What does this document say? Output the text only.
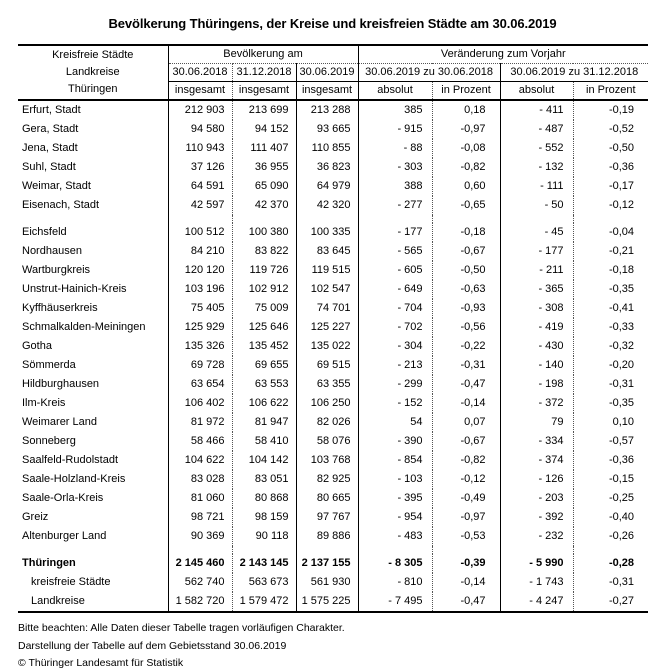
Bevölkerung Thüringens, der Kreise und kreisfreien Städte am 30.06.2019
Kreisfreie Städte
Landkreise
Thüringen	Bevölkerung am			Veränderung zum Vorjahr			
	30.06.2018	31.12.2018	30.06.2019	30.06.2019 zu 30.06.2018		30.06.2019 zu 31.12.2018	
	insgesamt	insgesamt	insgesamt	absolut	in Prozent	absolut	in Prozent
Erfurt, Stadt	212 903	213 699	213 288	385	0,18	- 411	-0,19
Gera, Stadt	94 580	94 152	93 665	- 915	-0,97	- 487	-0,52
Jena, Stadt	110 943	111 407	110 855	- 88	-0,08	- 552	-0,50
Suhl, Stadt	37 126	36 955	36 823	- 303	-0,82	- 132	-0,36
Weimar, Stadt	64 591	65 090	64 979	388	0,60	- 111	-0,17
Eisenach, Stadt	42 597	42 370	42 320	- 277	-0,65	- 50	-0,12

Eichsfeld	100 512	100 380	100 335	- 177	-0,18	- 45	-0,04
Nordhausen	84 210	83 822	83 645	- 565	-0,67	- 177	-0,21
Wartburgkreis	120 120	119 726	119 515	- 605	-0,50	- 211	-0,18
Unstrut-Hainich-Kreis	103 196	102 912	102 547	- 649	-0,63	- 365	-0,35
Kyffhäuserkreis	75 405	75 009	74 701	- 704	-0,93	- 308	-0,41
Schmalkalden-Meiningen	125 929	125 646	125 227	- 702	-0,56	- 419	-0,33
Gotha	135 326	135 452	135 022	- 304	-0,22	- 430	-0,32
Sömmerda	69 728	69 655	69 515	- 213	-0,31	- 140	-0,20
Hildburghausen	63 654	63 553	63 355	- 299	-0,47	- 198	-0,31
Ilm-Kreis	106 402	106 622	106 250	- 152	-0,14	- 372	-0,35
Weimarer Land	81 972	81 947	82 026	54	0,07	79	0,10
Sonneberg	58 466	58 410	58 076	- 390	-0,67	- 334	-0,57
Saalfeld-Rudolstadt	104 622	104 142	103 768	- 854	-0,82	- 374	-0,36
Saale-Holzland-Kreis	83 028	83 051	82 925	- 103	-0,12	- 126	-0,15
Saale-Orla-Kreis	81 060	80 868	80 665	- 395	-0,49	- 203	-0,25
Greiz	98 721	98 159	97 767	- 954	-0,97	- 392	-0,40
Altenburger Land	90 369	90 118	89 886	- 483	-0,53	- 232	-0,26

Thüringen	2 145 460	2 143 145	2 137 155	- 8 305	-0,39	- 5 990	-0,28
kreisfreie Städte	562 740	563 673	561 930	- 810	-0,14	- 1 743	-0,31
Landkreise	1 582 720	1 579 472	1 575 225	- 7 495	-0,47	- 4 247	-0,27

Bitte beachten: Alle Daten dieser Tabelle tragen vorläufigen Charakter.

Darstellung der Tabelle auf dem Gebietsstand 30.06.2019

© Thüringer Landesamt für Statistik
